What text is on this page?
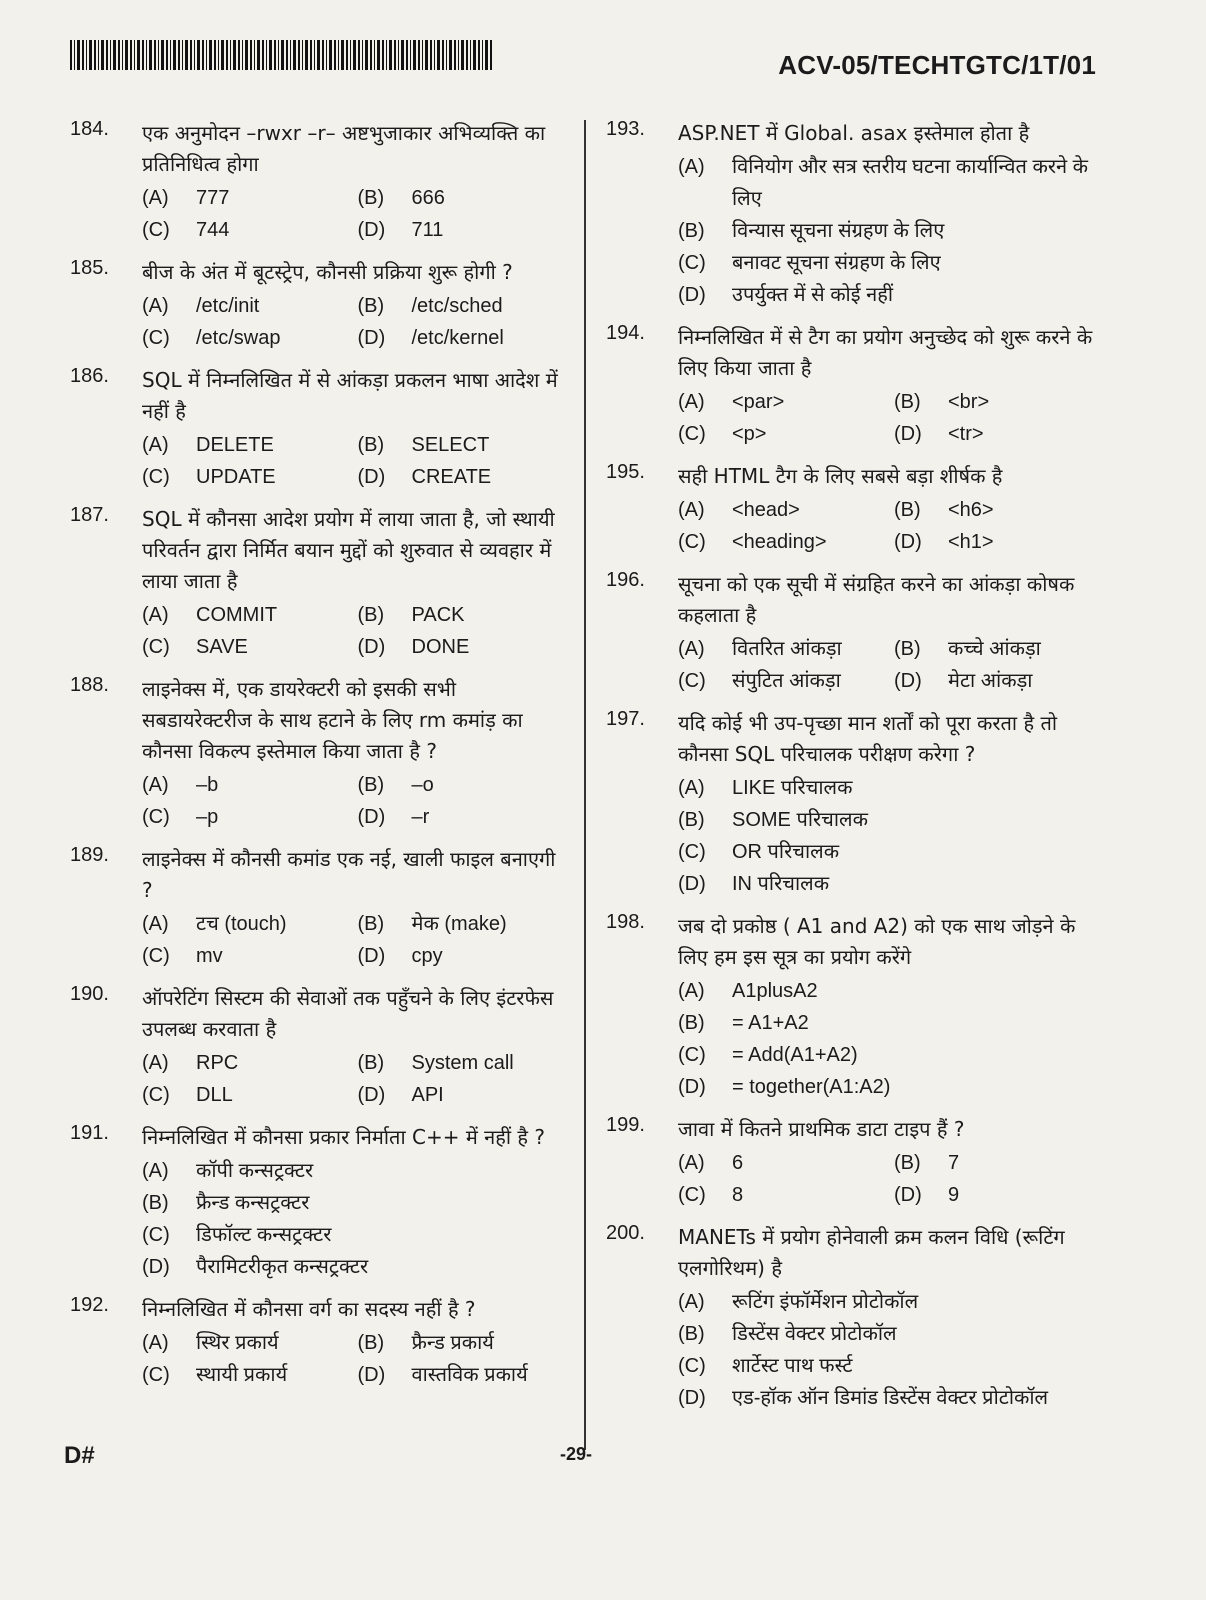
ACV-05/TECHTGTC/1T/01
184.	एक अनुमोदन –rwxr –r– अष्टभुजाकार अभिव्यक्ति का प्रतिनिधित्व होगा
(A)	777	(B)	666
(C)	744	(D)	711
185.	बीज के अंत में बूटस्ट्रेप, कौनसी प्रक्रिया शुरू होगी ?
(A)	/etc/init	(B)	/etc/sched
(C)	/etc/swap	(D)	/etc/kernel
186.	SQL में निम्नलिखित में से आंकड़ा प्रकलन भाषा आदेश में नहीं है
(A)	DELETE	(B)	SELECT
(C)	UPDATE	(D)	CREATE
187.	SQL में कौनसा आदेश प्रयोग में लाया जाता है, जो स्थायी परिवर्तन द्वारा निर्मित बयान मुद्दों को शुरुवात से व्यवहार में लाया जाता है
(A)	COMMIT	(B)	PACK
(C)	SAVE	(D)	DONE
188.	लाइनेक्स में, एक डायरेक्टरी को इसकी सभी सबडायरेक्टरीज के साथ हटाने के लिए rm कमांड़ का कौनसा विकल्प इस्तेमाल किया जाता है ?
(A)	–b	(B)	–o
(C)	–p	(D)	–r
189.	लाइनेक्स में कौनसी कमांड एक नई, खाली फाइल बनाएगी ?
(A)	टच (touch)	(B)	मेक (make)
(C)	mv	(D)	cpy
190.	ऑपरेटिंग सिस्टम की सेवाओं तक पहुँचने के लिए इंटरफेस उपलब्ध करवाता है
(A)	RPC	(B)	System call
(C)	DLL	(D)	API
191.	निम्नलिखित में कौनसा प्रकार निर्माता C++ में नहीं है ?
(A)	कॉपी कन्सट्रक्टर
(B)	फ्रैन्ड कन्सट्रक्टर
(C)	डिफॉल्ट कन्सट्रक्टर
(D)	पैरामिटरीकृत कन्सट्रक्टर
192.	निम्नलिखित में कौनसा वर्ग का सदस्य नहीं है ?
(A)	स्थिर प्रकार्य	(B)	फ्रैन्ड प्रकार्य
(C)	स्थायी प्रकार्य	(D)	वास्तविक प्रकार्य
193.	ASP.NET में Global. asax इस्तेमाल होता है
(A)	विनियोग और सत्र स्तरीय घटना कार्यान्वित करने के लिए
(B)	विन्यास सूचना संग्रहण के लिए
(C)	बनावट सूचना संग्रहण के लिए
(D)	उपर्युक्त में से कोई नहीं
194.	निम्नलिखित में से टैग का प्रयोग अनुच्छेद को शुरू करने के लिए किया जाता है
(A)	<par>	(B)	<br>
(C)	<p>	(D)	<tr>
195.	सही HTML टैग के लिए सबसे बड़ा शीर्षक है
(A)	<head>	(B)	<h6>
(C)	<heading>	(D)	<h1>
196.	सूचना को एक सूची में संग्रहित करने का आंकड़ा कोषक कहलाता है
(A)	वितरित आंकड़ा	(B)	कच्चे आंकड़ा
(C)	संपुटित आंकड़ा	(D)	मेटा आंकड़ा
197.	यदि कोई भी उप-पृच्छा मान शर्तों को पूरा करता है तो कौनसा SQL परिचालक परीक्षण करेगा ?
(A)	LIKE परिचालक
(B)	SOME परिचालक
(C)	OR परिचालक
(D)	IN परिचालक
198.	जब दो प्रकोष्ठ ( A1 and A2) को एक साथ जोड़ने के लिए हम इस सूत्र का प्रयोग करेंगे
(A)	A1plusA2
(B)	= A1+A2
(C)	= Add(A1+A2)
(D)	= together(A1:A2)
199.	जावा में कितने प्राथमिक डाटा टाइप हैं ?
(A)	6	(B)	7
(C)	8	(D)	9
200.	MANETs में प्रयोग होनेवाली क्रम कलन विधि (रूटिंग एलगोरिथम) है
(A)	रूटिंग इंफॉर्मेशन प्रोटोकॉल
(B)	डिस्टेंस वेक्टर प्रोटोकॉल
(C)	शार्टेस्ट पाथ फर्स्ट
(D)	एड-हॉक ऑन डिमांड डिस्टेंस वेक्टर प्रोटोकॉल
D#	-29-
